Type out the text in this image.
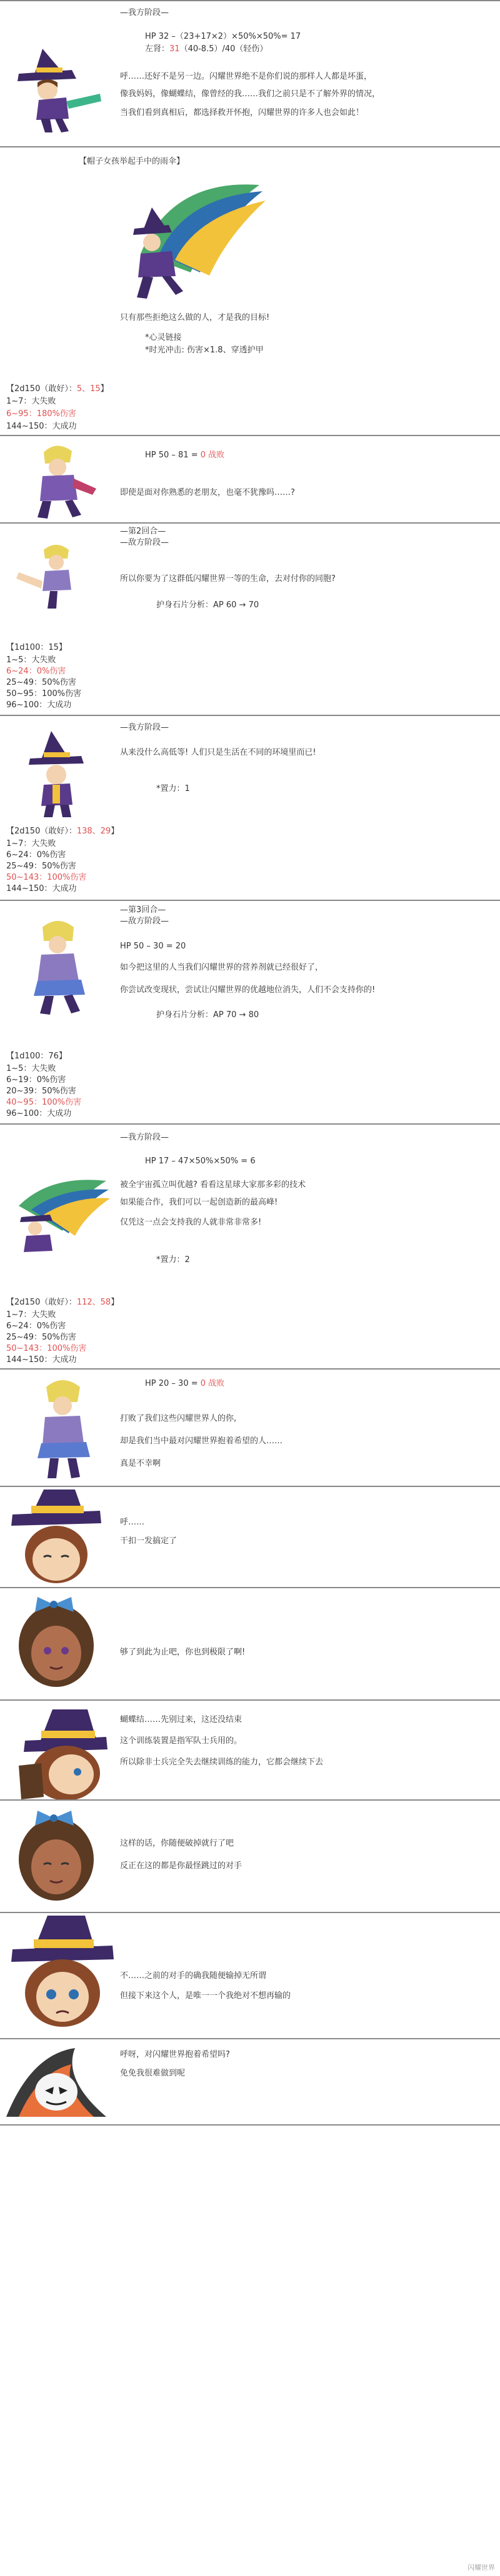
—我方阶段—
HP 32 –（23+17×2）×50%×50%= 17
左肾：31（40-8.5）/40（轻伤）
呼……还好不是另一边。闪耀世界绝不是你们说的那样人人都是坏蛋，
像我妈妈，像蝴蝶结，像曾经的我……我们之前只是不了解外界的情况，
当我们看到真相后，都选择救开怀抱，闪耀世界的许多人也会如此！
【帽子女孩举起手中的雨伞】
只有那些拒绝这么做的人，才是我的目标!
*心灵链接
*时光冲击: 伤害×1.8、穿透护甲
【2d150（敢好）：5、15】
1~7：大失败
6~95：180%伤害
144~150：大成功
HP 50 – 81 = 0 战败
即使是面对你熟悉的老朋友，也毫不犹豫吗……?
—第2回合—
—敌方阶段—
所以你要为了这群低闪耀世界一等的生命，去对付你的同胞?
护身石片分析：AP 60 → 70
【1d100：15】
1~5：大失败
6~24：0%伤害
25~49：50%伤害
50~95：100%伤害
96~100：大成功
—我方阶段—
从来没什么高低等! 人们只是生活在不同的环境里而已!
*置力：1
【2d150（敢好）：138、29】
1~7：大失败
6~24：0%伤害
25~49：50%伤害
50~143：100%伤害
144~150：大成功
—第3回合—
—敌方阶段—
HP 50 – 30 = 20
如今把这里的人当我们闪耀世界的营养剂就已经很好了，
你尝试改变现状，尝试让闪耀世界的优越地位消失，人们不会支持你的!
护身石片分析：AP 70 → 80
【1d100：76】
1~5：大失败
6~19：0%伤害
20~39：50%伤害
40~95：100%伤害
96~100：大成功
—我方阶段—
HP 17 – 47×50%×50% = 6
被全宇宙孤立叫优越? 看看这星球大家那多彩的技术
如果能合作，我们可以一起创造新的最高峰!
仅凭这一点会支持我的人就非常非常多!
*置力：2
【2d150（敢好）：112、58】
1~7：大失败
6~24：0%伤害
25~49：50%伤害
50~143：100%伤害
144~150：大成功
HP 20 – 30 = 0 战败
打败了我们这些闪耀世界人的你,
却是我们当中最对闪耀世界抱着希望的人……
真是不幸啊
呼……
干扣一发搞定了
够了到此为止吧，你也到极限了啊!
蝴蝶结……先别过来，这还没结束
这个训练装置是指军队士兵用的。
所以除非士兵完全失去继续训练的能力，它都会继续下去
这样的话，你随便破掉就行了吧
反正在这的都是你最怪跳过的对手
不……之前的对手的确我随便输掉无所谓
但接下来这个人，是唯一一个我绝对不想再输的
呼呀，对闪耀世界抱着希望吗?
免免我很难做到呢
闪耀世界
